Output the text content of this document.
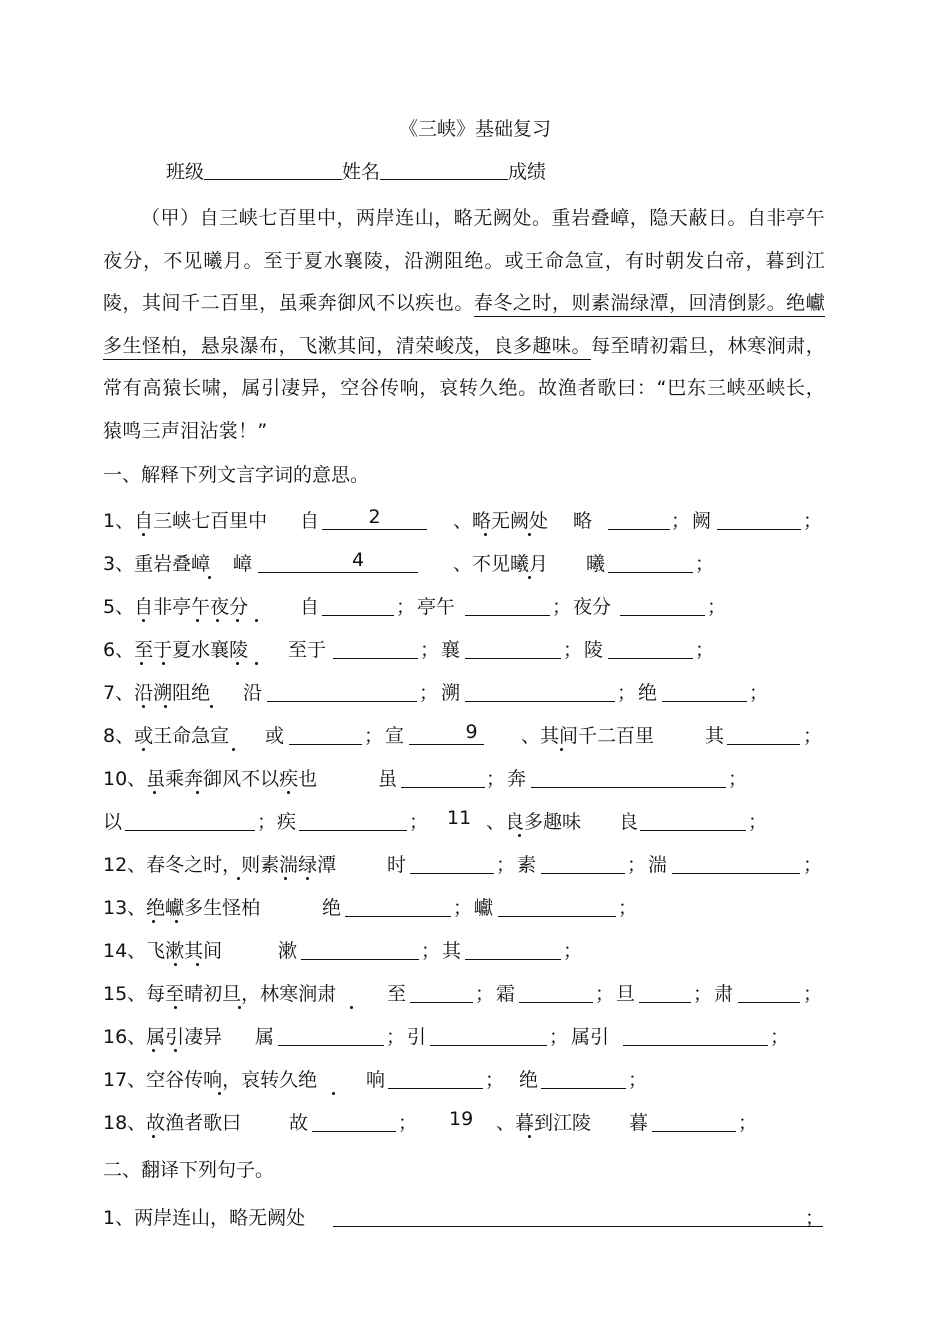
《三峡》基础复习
班级	姓名	成绩

（甲）自三峡七百里中，两岸连山，略无阙处。重岩叠嶂，隐天蔽日。自非亭午夜分，不见曦月。至于夏水襄陵，沿溯阻绝。或王命急宣，有时朝发白帝，暮到江陵，其间千二百里，虽乘奔御风不以疾也。春冬之时，则素湍绿潭，回清倒影。绝巘多生怪柏，悬泉瀑布，飞漱其间，清荣峻茂，良多趣味。每至晴初霜旦，林寒涧肃，常有高猿长啸，属引凄异，空谷传响，哀转久绝。故渔者歌曰：“巴东三峡巫峡长，猿鸣三声泪沾裳！”

一、解释下列文言字词的意思。
1、自三峡七百里中 自	2	、略无阙处 略	； 阙	；
3、重岩叠嶂 嶂	4	、不见曦月 曦	；
5、自非亭午夜分	自	； 亭午	； 夜分	；
6、至于夏水襄陵 至于	； 襄	； 陵	；
7、沿溯阻绝 沿	； 溯	； 绝	；
8、或王命急宣 或	； 宣	9	、其间千二百里	其	；
10、虽乘奔御风不以疾也	虽	； 奔	；
以	； 疾	； 11 、良多趣味 良	；
12、春冬之时，则素湍绿潭	时	； 素	； 湍	；
13、绝巘多生怪柏	绝	； 巘	；
14、飞漱其间	漱	； 其	；
15、每至晴初旦，林寒涧肃	至	； 霜	； 旦	； 肃	；
16、属引凄异 属	； 引	； 属引	；
17、空谷传响，哀转久绝	响	； 绝	；
18、故渔者歌曰	故	； 19 、暮到江陵 暮	；
二、翻译下列句子。
1、两岸连山，略无阙处	；
